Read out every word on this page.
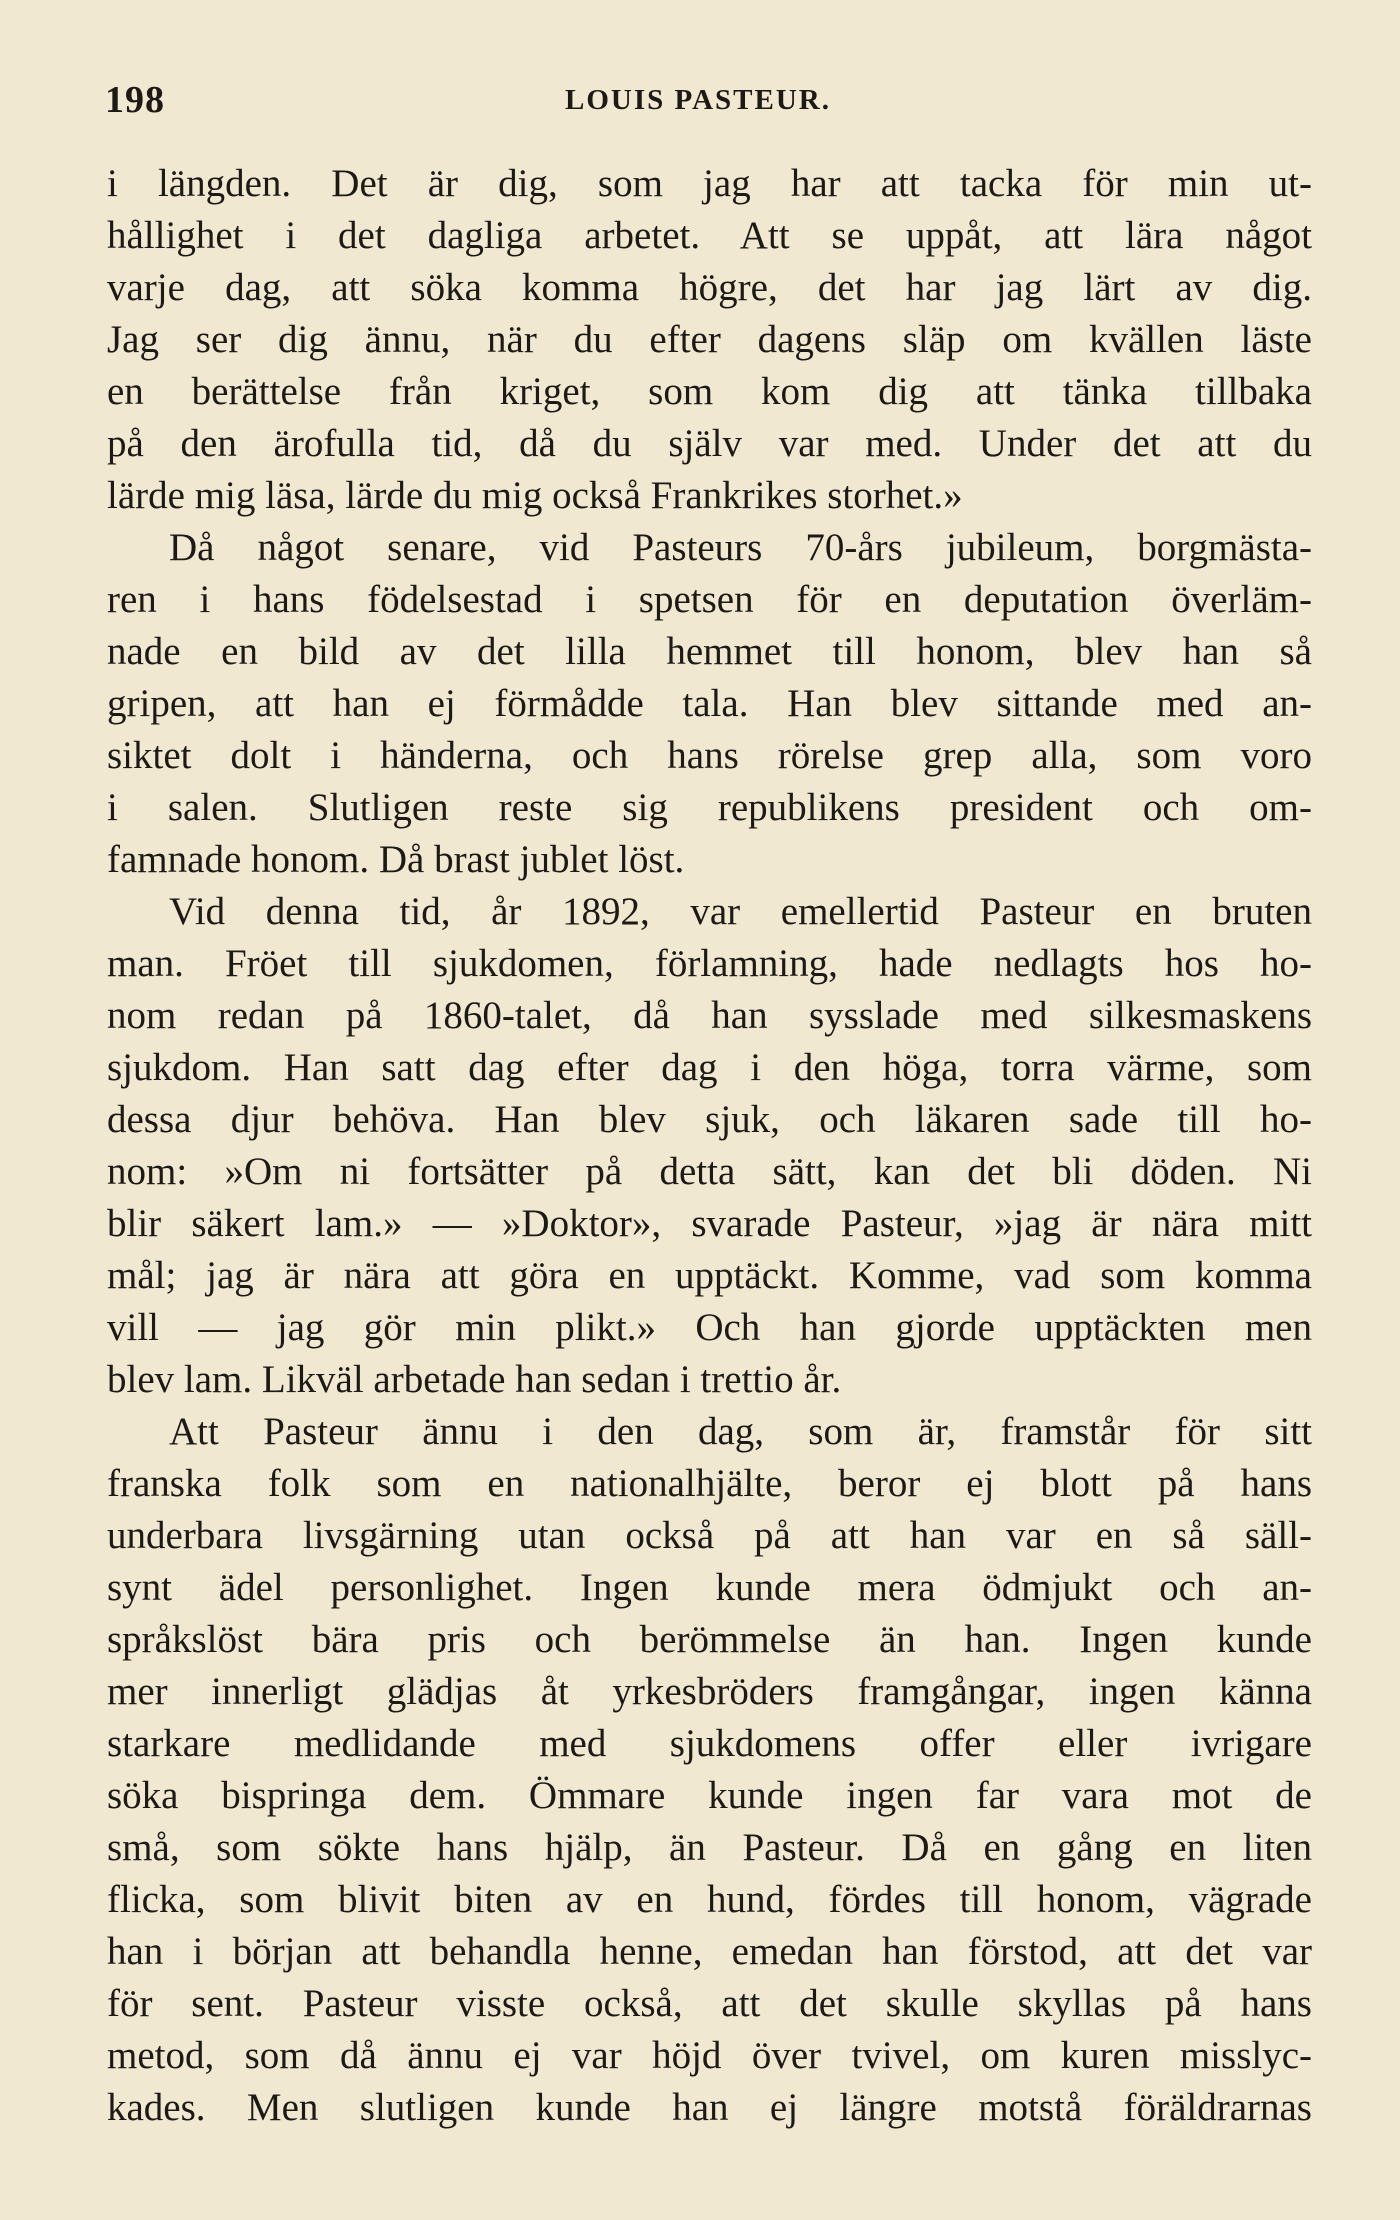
198	LOUIS PASTEUR.
i längden. Det är dig, som jag har att tacka för min ut-
hållighet i det dagliga arbetet. Att se uppåt, att lära något
varje dag, att söka komma högre, det har jag lärt av dig.
Jag ser dig ännu, när du efter dagens släp om kvällen läste
en berättelse från kriget, som kom dig att tänka tillbaka
på den ärofulla tid, då du själv var med. Under det att du
lärde mig läsa, lärde du mig också Frankrikes storhet.»
Då något senare, vid Pasteurs 70-års jubileum, borgmästa-
ren i hans födelsestad i spetsen för en deputation överläm-
nade en bild av det lilla hemmet till honom, blev han så
gripen, att han ej förmådde tala. Han blev sittande med an-
siktet dolt i händerna, och hans rörelse grep alla, som voro
i salen. Slutligen reste sig republikens president och om-
famnade honom. Då brast jublet löst.
Vid denna tid, år 1892, var emellertid Pasteur en bruten
man. Fröet till sjukdomen, förlamning, hade nedlagts hos ho-
nom redan på 1860-talet, då han sysslade med silkesmaskens
sjukdom. Han satt dag efter dag i den höga, torra värme, som
dessa djur behöva. Han blev sjuk, och läkaren sade till ho-
nom: »Om ni fortsätter på detta sätt, kan det bli döden. Ni
blir säkert lam.» — »Doktor», svarade Pasteur, »jag är nära mitt
mål; jag är nära att göra en upptäckt. Komme, vad som komma
vill — jag gör min plikt.» Och han gjorde upptäckten men
blev lam. Likväl arbetade han sedan i trettio år.
Att Pasteur ännu i den dag, som är, framstår för sitt
franska folk som en nationalhjälte, beror ej blott på hans
underbara livsgärning utan också på att han var en så säll-
synt ädel personlighet. Ingen kunde mera ödmjukt och an-
språkslöst bära pris och berömmelse än han. Ingen kunde
mer innerligt glädjas åt yrkesbröders framgångar, ingen känna
starkare medlidande med sjukdomens offer eller ivrigare
söka bispringa dem. Ömmare kunde ingen far vara mot de
små, som sökte hans hjälp, än Pasteur. Då en gång en liten
flicka, som blivit biten av en hund, fördes till honom, vägrade
han i början att behandla henne, emedan han förstod, att det var
för sent. Pasteur visste också, att det skulle skyllas på hans
metod, som då ännu ej var höjd över tvivel, om kuren misslyc-
kades. Men slutligen kunde han ej längre motstå föräldrarnas
